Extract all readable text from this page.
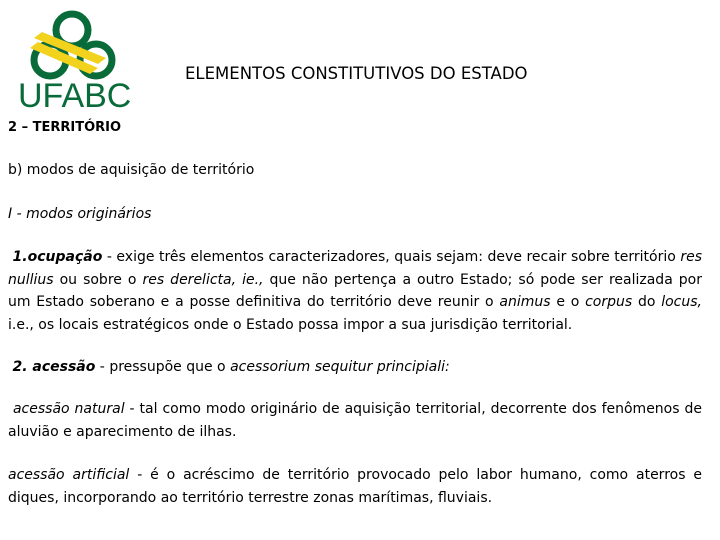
UFABC
ELEMENTOS CONSTITUTIVOS DO ESTADO
2 – TERRITÓRIO
b) modos de aquisição de território
I - modos originários
1.ocupação - exige três elementos caracterizadores, quais sejam: deve recair sobre território res nullius ou sobre o res derelicta, ie., que não pertença a outro Estado; só pode ser realizada por um Estado soberano e a posse definitiva do território deve reunir o animus e o corpus do locus, i.e., os locais estratégicos onde o Estado possa impor a sua jurisdição territorial.
2. acessão - pressupõe que o acessorium sequitur principiali:
acessão natural - tal como modo originário de aquisição territorial, decorrente dos fenômenos de aluvião e aparecimento de ilhas.
acessão artificial - é o acréscimo de território provocado pelo labor humano, como aterros e diques, incorporando ao território terrestre zonas marítimas, fluviais.
